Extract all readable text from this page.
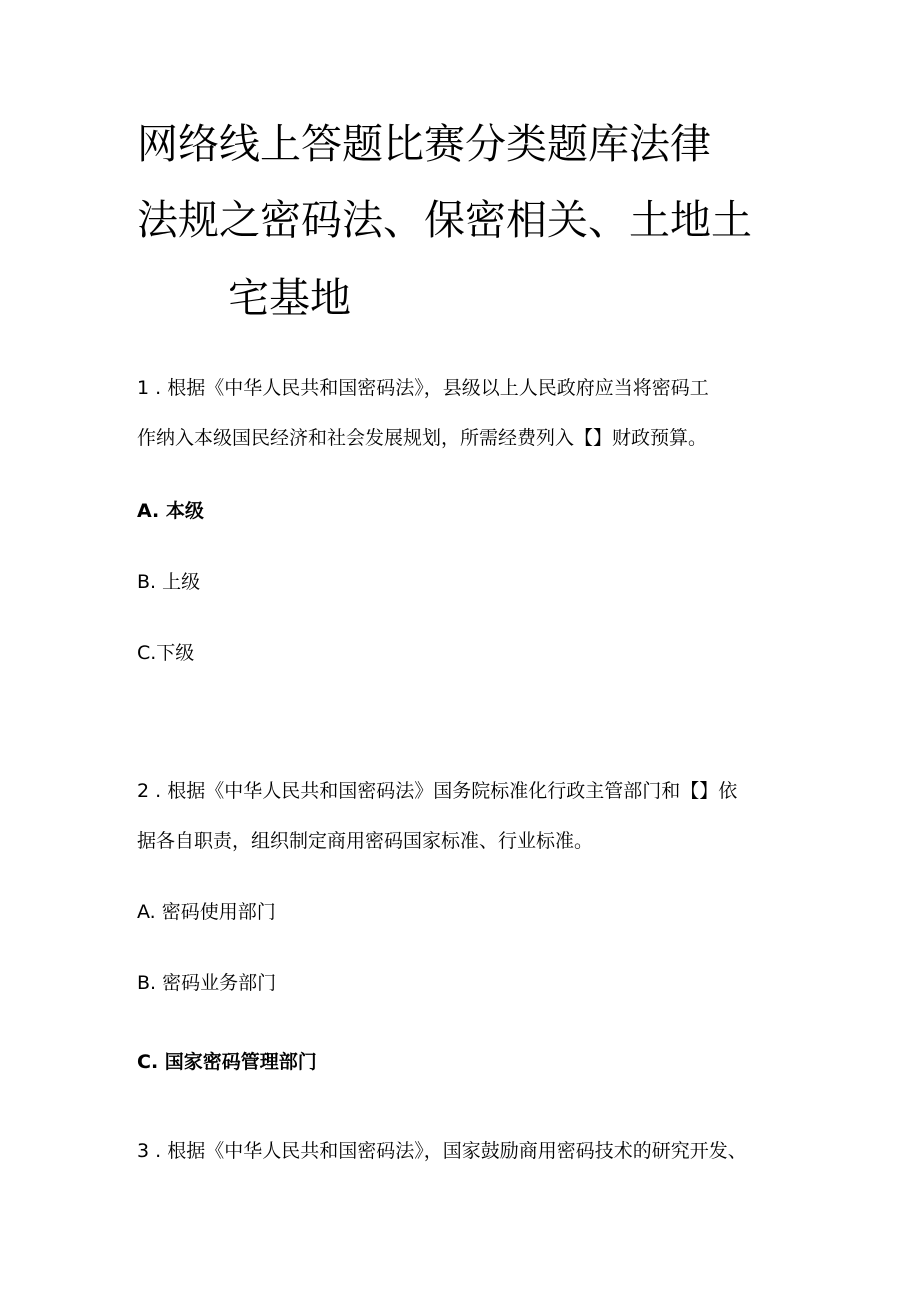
网络线上答题比赛分类题库法律
法规之密码法、保密相关、土地土
宅基地
1 . 根据《中华人民共和国密码法》，县级以上人民政府应当将密码工
作纳入本级国民经济和社会发展规划，所需经费列入【】财政预算。
A. 本级
B. 上级
C.下级
2 . 根据《中华人民共和国密码法》国务院标准化行政主管部门和【】依
据各自职责，组织制定商用密码国家标准、行业标准。
A. 密码使用部门
B. 密码业务部门
C. 国家密码管理部门
3 . 根据《中华人民共和国密码法》，国家鼓励商用密码技术的研究开发、
